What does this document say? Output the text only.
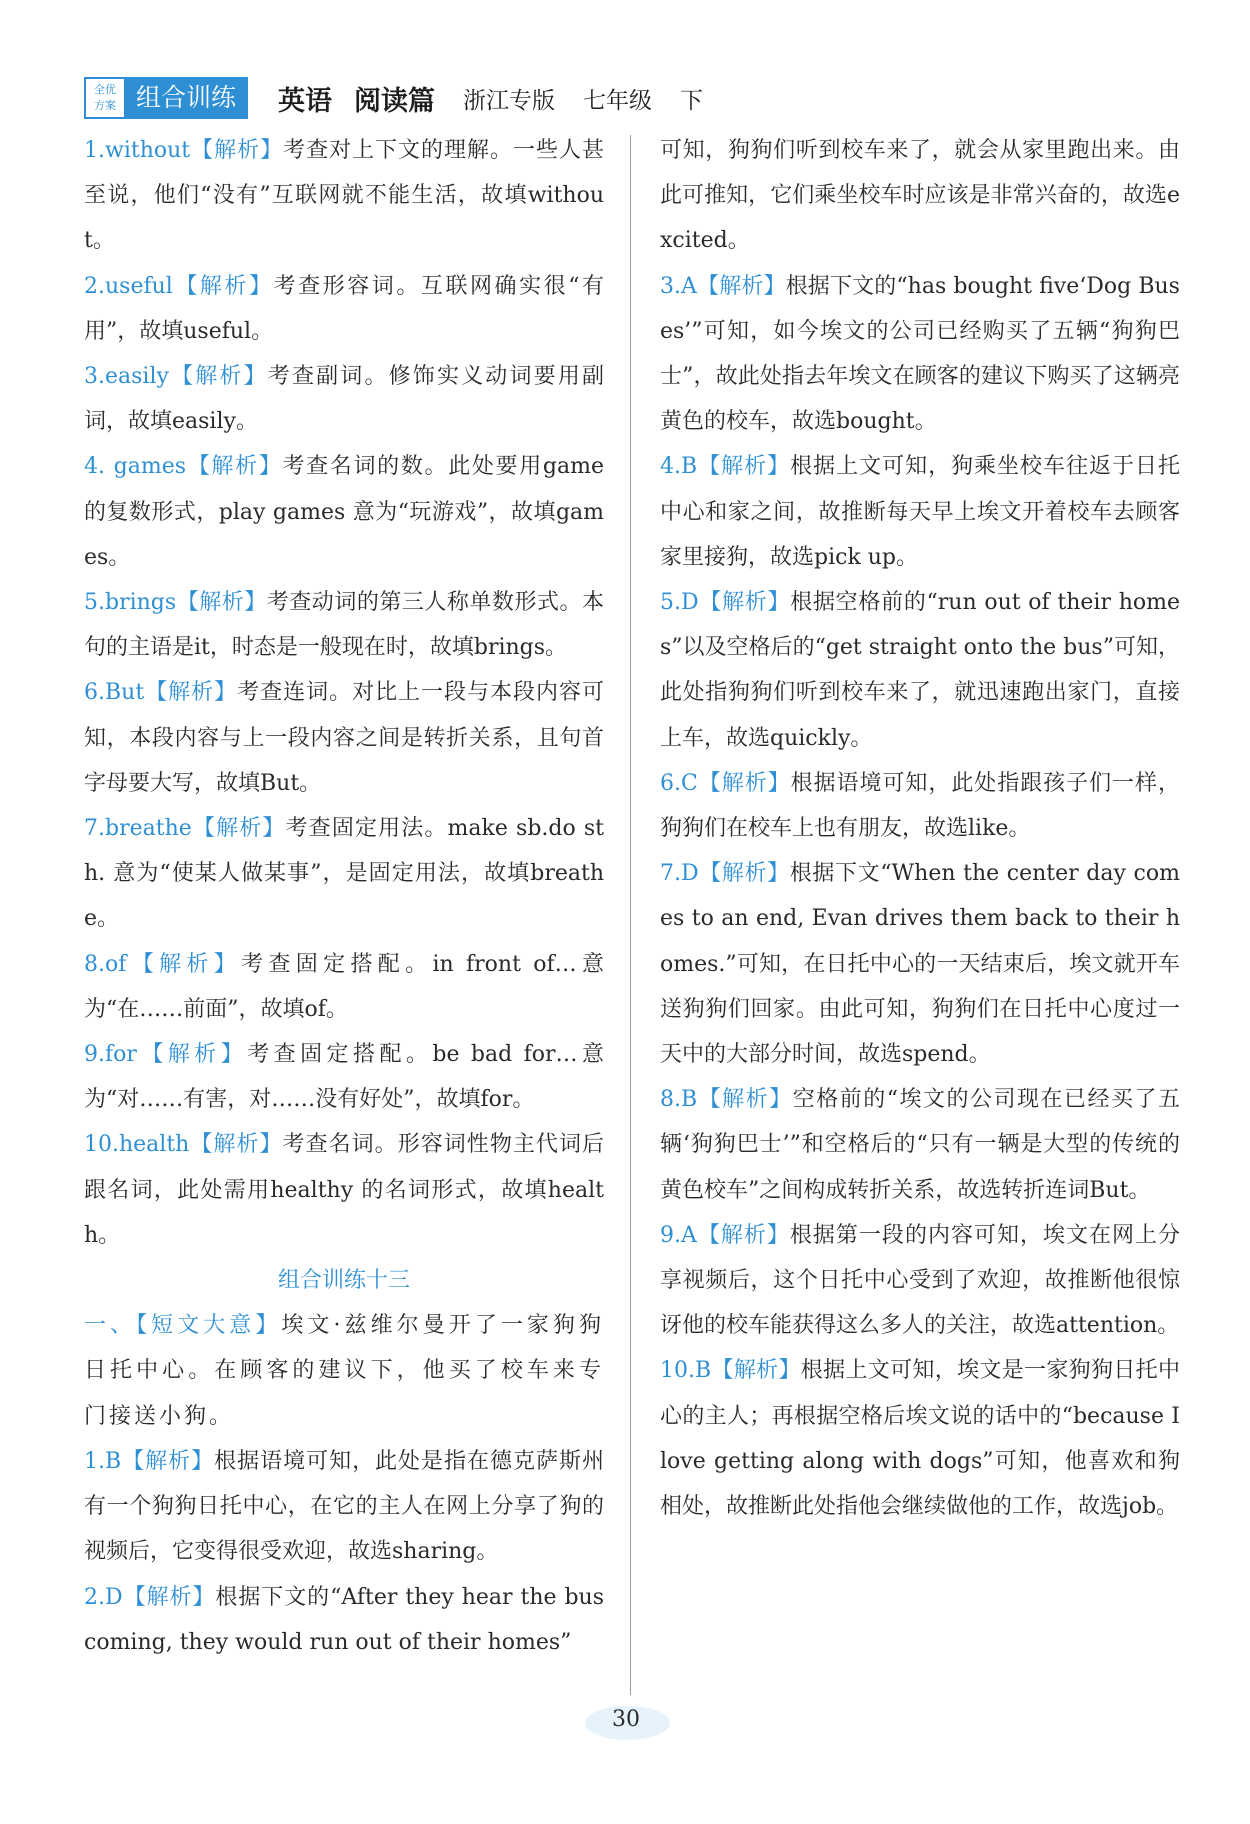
全优
方案 组合训练	英语 阅读篇 浙江专版 七年级 下

1.without【解析】考查对上下文的理解。一些人甚至说，他们“没有”互联网就不能生活，故填without。

2.useful【解析】考查形容词。互联网确实很“有用”，故填useful。

3.easily【解析】考查副词。修饰实义动词要用副词，故填easily。

4. games【解析】考查名词的数。此处要用game 的复数形式，play games 意为“玩游戏”，故填games。

5.brings【解析】考查动词的第三人称单数形式。本句的主语是it，时态是一般现在时，故填brings。

6.But【解析】考查连词。对比上一段与本段内容可知，本段内容与上一段内容之间是转折关系，且句首字母要大写，故填But。

7.breathe【解析】考查固定用法。make sb.do sth. 意为“使某人做某事”，是固定用法，故填breathe。

8.of【解析】考查固定搭配。in front of…意为“在……前面”，故填of。

9.for【解析】考查固定搭配。be bad for…意为“对……有害，对……没有好处”，故填for。

10.health【解析】考查名词。形容词性物主代词后跟名词，此处需用healthy 的名词形式，故填health。

组合训练十三

一、【短文大意】埃文·兹维尔曼开了一家狗狗日托中心。在顾客的建议下，他买了校车来专门接送小狗。

1.B【解析】根据语境可知，此处是指在德克萨斯州有一个狗狗日托中心，在它的主人在网上分享了狗的视频后，它变得很受欢迎，故选sharing。

2.D【解析】根据下文的“After they hear the bus coming, they would run out of their homes”

可知，狗狗们听到校车来了，就会从家里跑出来。由此可推知，它们乘坐校车时应该是非常兴奋的，故选excited。

3.A【解析】根据下文的“has bought five‘Dog Buses’”可知，如今埃文的公司已经购买了五辆“狗狗巴士”，故此处指去年埃文在顾客的建议下购买了这辆亮黄色的校车，故选bought。

4.B【解析】根据上文可知，狗乘坐校车往返于日托中心和家之间，故推断每天早上埃文开着校车去顾客家里接狗，故选pick up。

5.D【解析】根据空格前的“run out of their homes”以及空格后的“get straight onto the bus”可知，此处指狗狗们听到校车来了，就迅速跑出家门，直接上车，故选quickly。

6.C【解析】根据语境可知，此处指跟孩子们一样，狗狗们在校车上也有朋友，故选like。

7.D【解析】根据下文“When the center day comes to an end, Evan drives them back to their homes.”可知，在日托中心的一天结束后，埃文就开车送狗狗们回家。由此可知，狗狗们在日托中心度过一天中的大部分时间，故选spend。

8.B【解析】空格前的“埃文的公司现在已经买了五辆‘狗狗巴士’”和空格后的“只有一辆是大型的传统的黄色校车”之间构成转折关系，故选转折连词But。

9.A【解析】根据第一段的内容可知，埃文在网上分享视频后，这个日托中心受到了欢迎，故推断他很惊讶他的校车能获得这么多人的关注，故选attention。

10.B【解析】根据上文可知，埃文是一家狗狗日托中心的主人；再根据空格后埃文说的话中的“because I love getting along with dogs”可知，他喜欢和狗相处，故推断此处指他会继续做他的工作，故选job。

30
